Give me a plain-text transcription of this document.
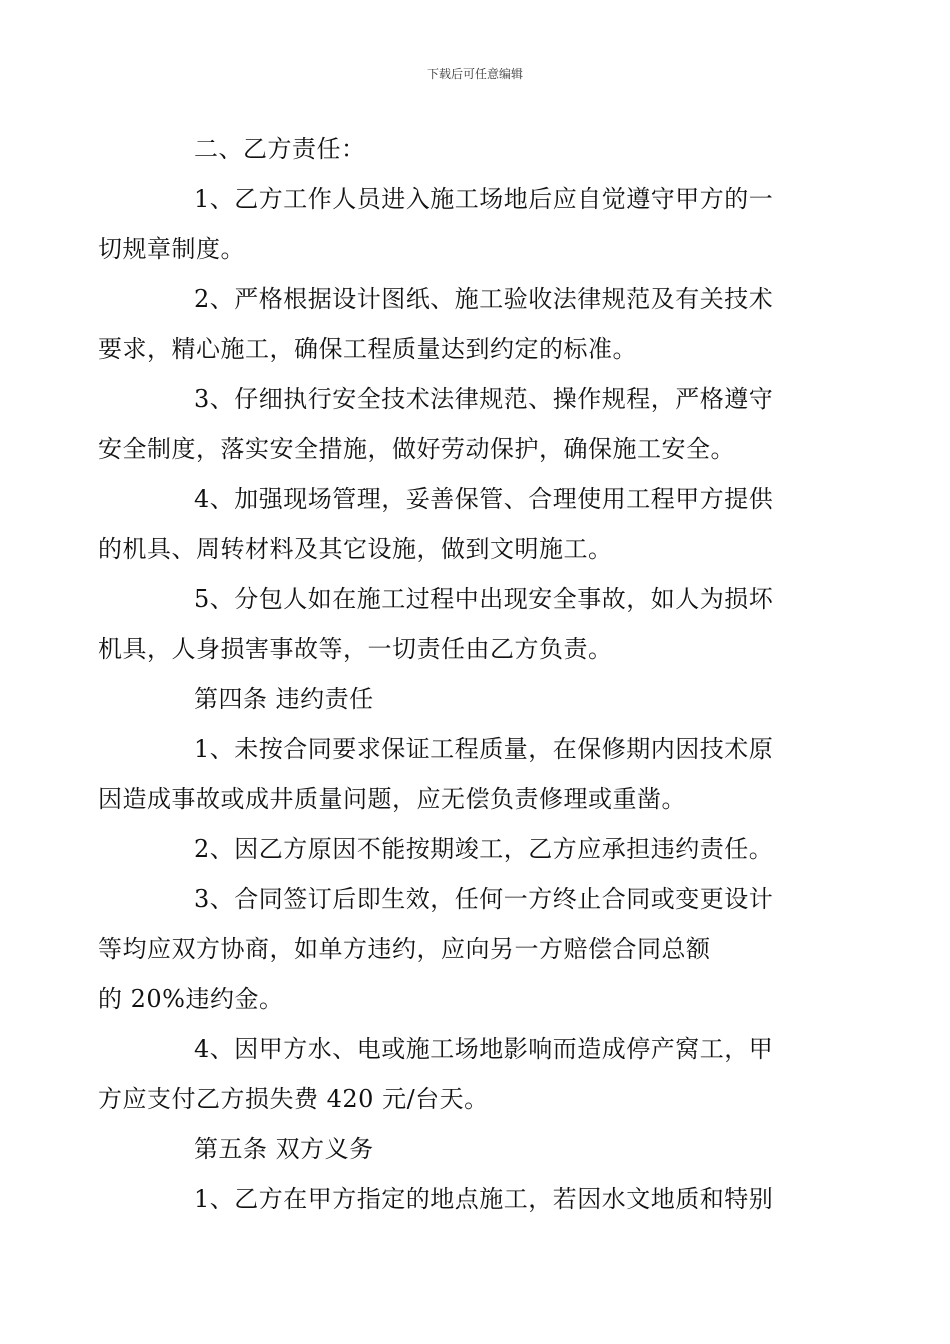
下载后可任意编辑

二、乙方责任：

1、乙方工作人员进入施工场地后应自觉遵守甲方的一
切规章制度。

2、严格根据设计图纸、施工验收法律规范及有关技术
要求，精心施工，确保工程质量达到约定的标准。

3、仔细执行安全技术法律规范、操作规程，严格遵守
安全制度，落实安全措施，做好劳动保护，确保施工安全。

4、加强现场管理，妥善保管、合理使用工程甲方提供
的机具、周转材料及其它设施，做到文明施工。

5、分包人如在施工过程中出现安全事故，如人为损坏
机具，人身损害事故等，一切责任由乙方负责。

第四条 违约责任

1、未按合同要求保证工程质量，在保修期内因技术原
因造成事故或成井质量问题，应无偿负责修理或重凿。

2、因乙方原因不能按期竣工，乙方应承担违约责任。

3、合同签订后即生效，任何一方终止合同或变更设计
等均应双方协商，如单方违约，应向另一方赔偿合同总额
的 20%违约金。

4、因甲方水、电或施工场地影响而造成停产窝工，甲
方应支付乙方损失费 420 元/台天。

第五条 双方义务

1、乙方在甲方指定的地点施工，若因水文地质和特别
